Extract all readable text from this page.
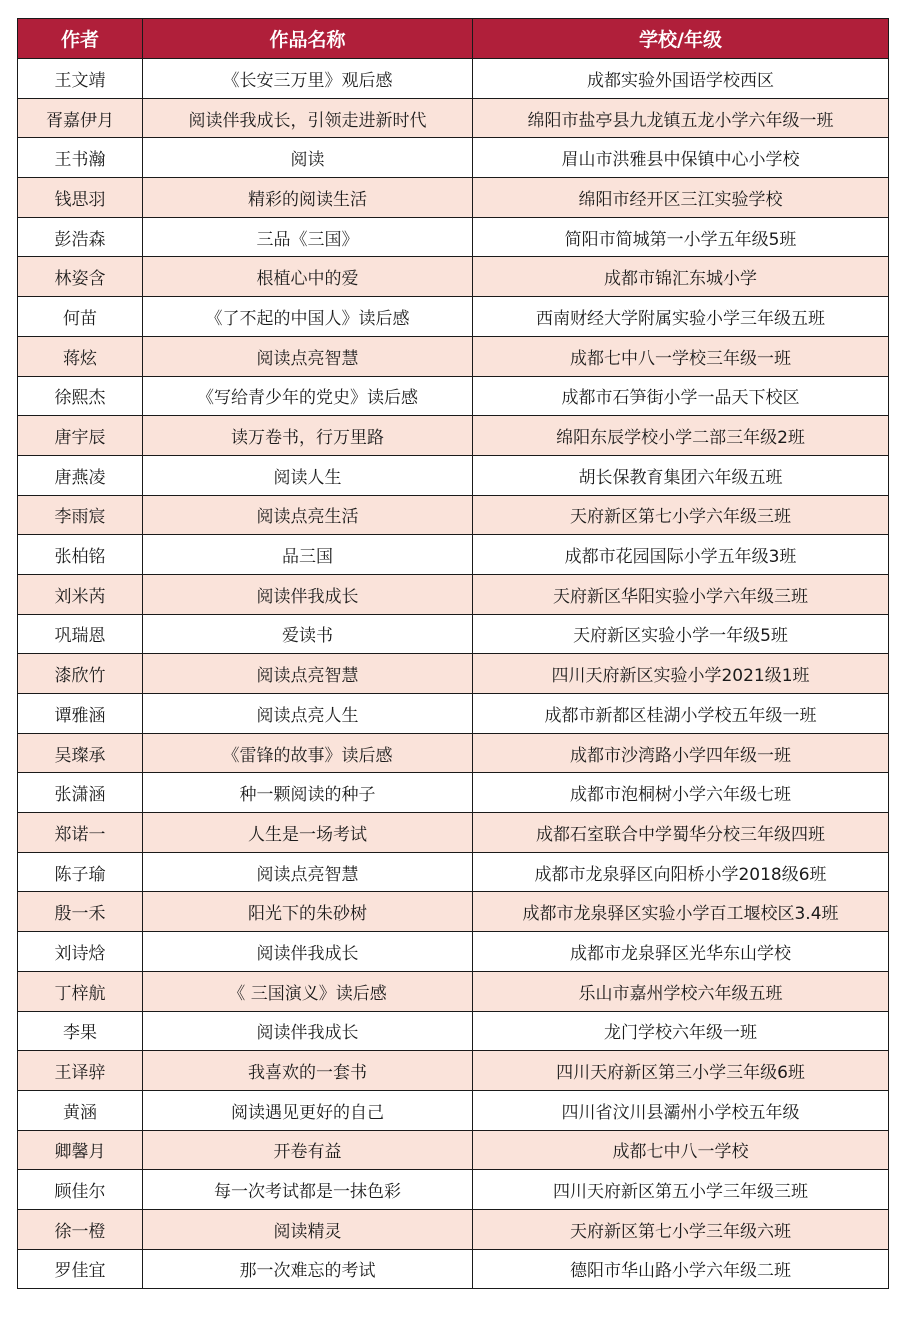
作者	作品名称	学校/年级
王文靖	《长安三万里》观后感	成都实验外国语学校西区
胥嘉伊月	阅读伴我成长，引领走进新时代	绵阳市盐亭县九龙镇五龙小学六年级一班
王书瀚	阅读	眉山市洪雅县中保镇中心小学校
钱思羽	精彩的阅读生活	绵阳市经开区三江实验学校
彭浩森	三品《三国》	简阳市简城第一小学五年级5班
林姿含	根植心中的爱	成都市锦汇东城小学
何苗	《了不起的中国人》读后感	西南财经大学附属实验小学三年级五班
蒋炫	阅读点亮智慧	成都七中八一学校三年级一班
徐熙杰	《写给青少年的党史》读后感	成都市石笋街小学一品天下校区
唐宇辰	读万卷书，行万里路	绵阳东辰学校小学二部三年级2班
唐燕凌	阅读人生	胡长保教育集团六年级五班
李雨宸	阅读点亮生活	天府新区第七小学六年级三班
张柏铭	品三国	成都市花园国际小学五年级3班
刘米芮	阅读伴我成长	天府新区华阳实验小学六年级三班
巩瑞恩	爱读书	天府新区实验小学一年级5班
漆欣竹	阅读点亮智慧	四川天府新区实验小学2021级1班
谭雅涵	阅读点亮人生	成都市新都区桂湖小学校五年级一班
吴璨承	《雷锋的故事》读后感	成都市沙湾路小学四年级一班
张潇涵	种一颗阅读的种子	成都市泡桐树小学六年级七班
郑诺一	人生是一场考试	成都石室联合中学蜀华分校三年级四班
陈子瑜	阅读点亮智慧	成都市龙泉驿区向阳桥小学2018级6班
殷一禾	阳光下的朱砂树	成都市龙泉驿区实验小学百工堰校区3.4班
刘诗焓	阅读伴我成长	成都市龙泉驿区光华东山学校
丁梓航	《 三国演义》读后感	乐山市嘉州学校六年级五班
李果	阅读伴我成长	龙门学校六年级一班
王译骍	我喜欢的一套书	四川天府新区第三小学三年级6班
黄涵	阅读遇见更好的自己	四川省汶川县灞州小学校五年级
卿馨月	开卷有益	成都七中八一学校
顾佳尔	每一次考试都是一抹色彩	四川天府新区第五小学三年级三班
徐一橙	阅读精灵	天府新区第七小学三年级六班
罗佳宜	那一次难忘的考试	德阳市华山路小学六年级二班
